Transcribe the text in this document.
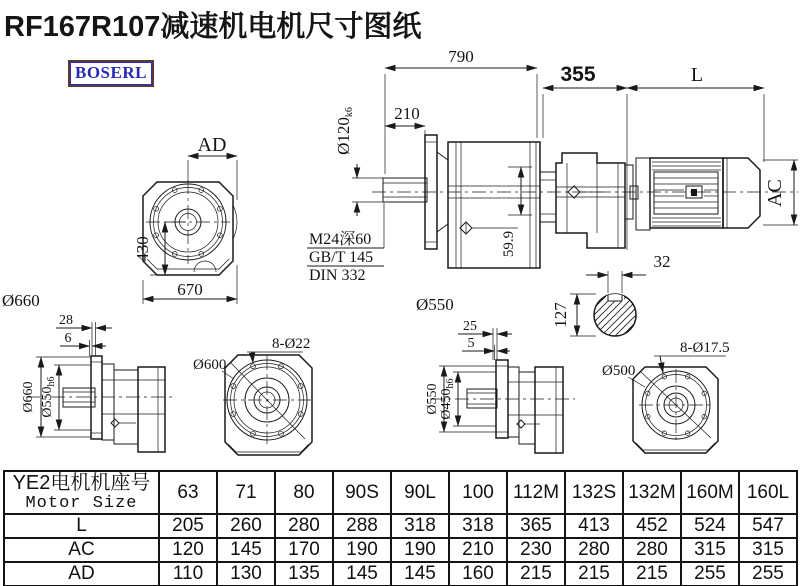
RF167R107减速机电机尺寸图纸
BOSERL
AD
430
670
Ø660
59.9
AC
790
210
355	L
Ø120k6
M24深60
GB/T 145
DIN 332
32
127
Ø550
Ø660 $Ø550_{h6}$
28
6
Ø600
8-Ø22
Ø550 $Ø450_{h6}$
25
5
Ø500
8-Ø17.5
YE2电机机座号
Motor Size	63	71	80	90S	90L	100	112M	132S	132M	160M	160L
L	205	260	280	288	318	318	365	413	452	524	547
AC	120	145	170	190	190	210	230	280	280	315	315
AD	110	130	135	145	145	160	215	215	215	255	255
